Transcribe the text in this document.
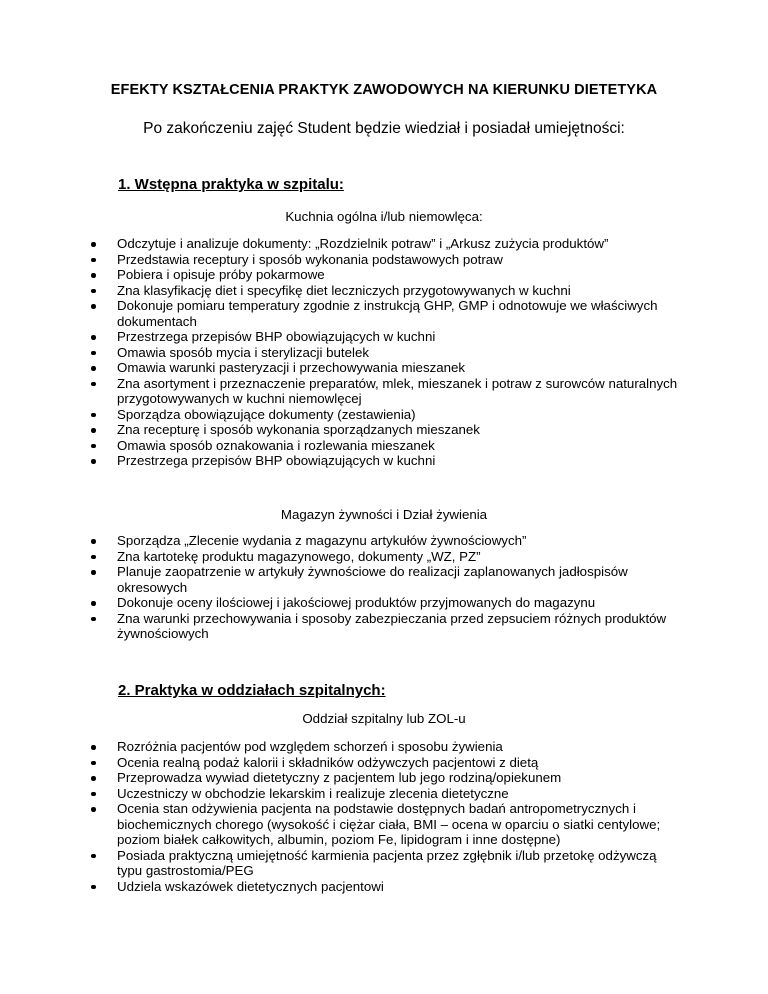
EFEKTY KSZTAŁCENIA PRAKTYK ZAWODOWYCH NA KIERUNKU DIETETYKA
Po zakończeniu zajęć Student będzie wiedział i posiadał umiejętności:
1. Wstępna praktyka w szpitalu:
Kuchnia ogólna i/lub niemowlęca:
Odczytuje i analizuje dokumenty: „Rozdzielnik potraw” i „Arkusz zużycia produktów”
Przedstawia receptury i sposób wykonania podstawowych potraw
Pobiera i opisuje próby pokarmowe
Zna klasyfikację diet i specyfikę diet leczniczych przygotowywanych w kuchni
Dokonuje pomiaru temperatury zgodnie z instrukcją GHP, GMP i odnotowuje we właściwych dokumentach
Przestrzega przepisów BHP obowiązujących w kuchni
Omawia sposób mycia i sterylizacji butelek
Omawia warunki pasteryzacji i przechowywania mieszanek
Zna asortyment i przeznaczenie preparatów, mlek, mieszanek i potraw z surowców naturalnych przygotowywanych w kuchni niemowlęcej
Sporządza obowiązujące dokumenty (zestawienia)
Zna recepturę i sposób wykonania sporządzanych mieszanek
Omawia sposób oznakowania i rozlewania mieszanek
Przestrzega przepisów BHP obowiązujących w kuchni
Magazyn żywności i Dział żywienia
Sporządza „Zlecenie wydania z magazynu artykułów żywnościowych”
Zna kartotekę produktu magazynowego, dokumenty „WZ, PZ”
Planuje zaopatrzenie w artykuły żywnościowe do realizacji zaplanowanych jadłospisów okresowych
Dokonuje oceny ilościowej i jakościowej produktów przyjmowanych do magazynu
Zna warunki przechowywania i sposoby zabezpieczania przed zepsuciem różnych produktów żywnościowych
2. Praktyka w oddziałach szpitalnych:
Oddział szpitalny lub ZOL-u
Rozróżnia pacjentów pod względem schorzeń i sposobu żywienia
Ocenia realną podaż kalorii i składników odżywczych pacjentowi z dietą
Przeprowadza wywiad dietetyczny z pacjentem lub jego rodziną/opiekunem
Uczestniczy w obchodzie lekarskim i realizuje zlecenia dietetyczne
Ocenia stan odżywienia pacjenta na podstawie dostępnych badań antropometrycznych i biochemicznych chorego (wysokość i ciężar ciała, BMI – ocena w oparciu o siatki centylowe; poziom białek całkowitych, albumin, poziom Fe, lipidogram i inne dostępne)
Posiada praktyczną umiejętność karmienia pacjenta przez zgłębnik i/lub przetokę odżywczą typu gastrostomia/PEG
Udziela wskazówek dietetycznych pacjentowi
